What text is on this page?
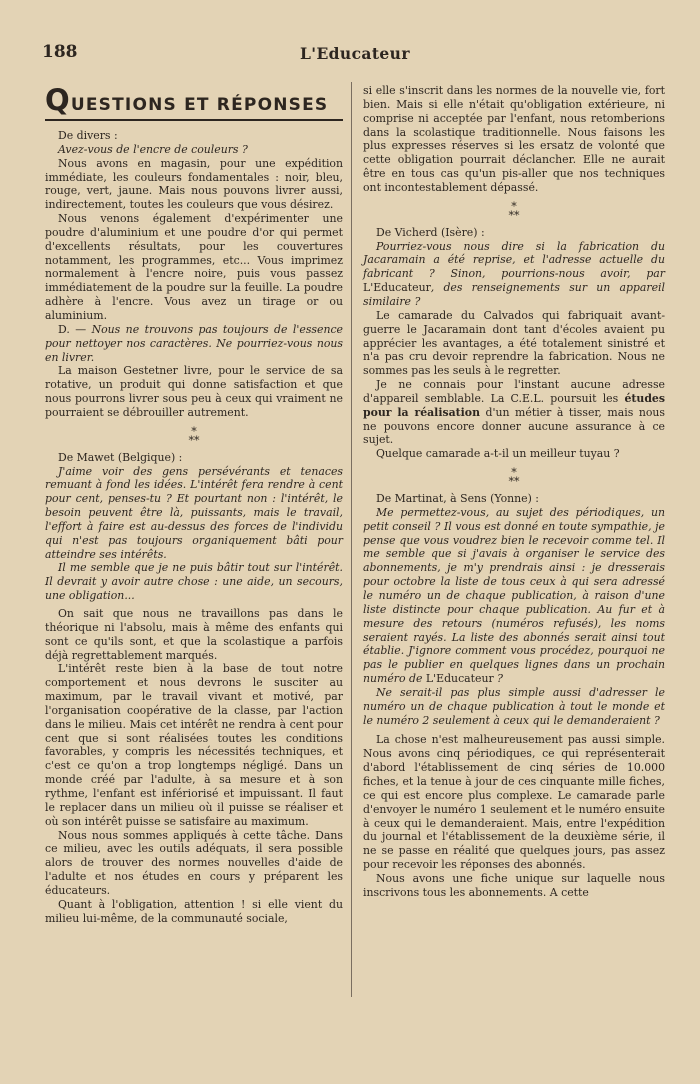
188	L'Educateur
QUESTIONS ET RÉPONSES

De divers :

Avez-vous de l'encre de couleurs ?

Nous avons en magasin, pour une expédition immédiate, les couleurs fondamentales : noir, bleu, rouge, vert, jaune. Mais nous pouvons livrer aussi, indirectement, toutes les couleurs que vous désirez.

Nous venons également d'expérimenter une poudre d'aluminium et une poudre d'or qui permet d'excellents résultats, pour les couvertures notamment, les programmes, etc... Vous imprimez normalement à l'encre noire, puis vous passez immédiatement de la poudre sur la feuille. La poudre adhère à l'encre. Vous avez un tirage or ou aluminium.

D. — Nous ne trouvons pas toujours de l'essence pour nettoyer nos caractères. Ne pourriez-vous nous en livrer.

La maison Gestetner livre, pour le service de sa rotative, un produit qui donne satisfaction et que nous pourrons livrer sous peu à ceux qui vraiment ne pourraient se débrouiller autrement.

*
**

De Mawet (Belgique) :

J'aime voir des gens persévérants et tenaces remuant à fond les idées. L'intérêt fera rendre à cent pour cent, penses-tu ? Et pourtant non : l'intérêt, le besoin peuvent être là, puissants, mais le travail, l'effort à faire est au-dessus des forces de l'individu qui n'est pas toujours organiquement bâti pour atteindre ses intérêts.

Il me semble que je ne puis bâtir tout sur l'intérêt. Il devrait y avoir autre chose : une aide, un secours, une obligation...

On sait que nous ne travaillons pas dans le théorique ni l'absolu, mais à même des enfants qui sont ce qu'ils sont, et que la scolastique a parfois déjà regrettablement marqués.

L'intérêt reste bien à la base de tout notre comportement et nous devrons le susciter au maximum, par le travail vivant et motivé, par l'organisation coopérative de la classe, par l'action dans le milieu. Mais cet intérêt ne rendra à cent pour cent que si sont réalisées toutes les conditions favorables, y compris les nécessités techniques, et c'est ce qu'on a trop longtemps négligé. Dans un monde créé par l'adulte, à sa mesure et à son rythme, l'enfant est infériorisé et impuissant. Il faut le replacer dans un milieu où il puisse se réaliser et où son intérêt puisse se satisfaire au maximum.

Nous nous sommes appliqués à cette tâche. Dans ce milieu, avec les outils adéquats, il sera possible alors de trouver des normes nouvelles d'aide de l'adulte et nos études en cours y préparent les éducateurs.

Quant à l'obligation, attention ! si elle vient du milieu lui-même, de la communauté sociale,

si elle s'inscrit dans les normes de la nouvelle vie, fort bien. Mais si elle n'était qu'obligation extérieure, ni comprise ni acceptée par l'enfant, nous retomberions dans la scolastique traditionnelle. Nous faisons les plus expresses réserves si les ersatz de volonté que cette obligation pourrait déclancher. Elle ne aurait être en tous cas qu'un pis-aller que nos techniques ont incontestablement dépassé.

*
**

De Vicherd (Isère) :

Pourriez-vous nous dire si la fabrication du Jacaramain a été reprise, et l'adresse actuelle du fabricant ? Sinon, pourrions-nous avoir, par L'Educateur, des renseignements sur un appareil similaire ?

Le camarade du Calvados qui fabriquait avant-guerre le Jacaramain dont tant d'écoles avaient pu apprécier les avantages, a été totalement sinistré et n'a pas cru devoir reprendre la fabrication. Nous ne sommes pas les seuls à le regretter.

Je ne connais pour l'instant aucune adresse d'appareil semblable. La C.E.L. poursuit les études pour la réalisation d'un métier à tisser, mais nous ne pouvons encore donner aucune assurance à ce sujet.

Quelque camarade a-t-il un meilleur tuyau ?

*
**

De Martinat, à Sens (Yonne) :

Me permettez-vous, au sujet des périodiques, un petit conseil ? Il vous est donné en toute sympathie, je pense que vous voudrez bien le recevoir comme tel. Il me semble que si j'avais à organiser le service des abonnements, je m'y prendrais ainsi : je dresserais pour octobre la liste de tous ceux à qui sera adressé le numéro un de chaque publication, à raison d'une liste distincte pour chaque publication. Au fur et à mesure des retours (numéros refusés), les noms seraient rayés. La liste des abonnés serait ainsi tout établie. J'ignore comment vous procédez, pourquoi ne pas le publier en quelques lignes dans un prochain numéro de L'Educateur ?

Ne serait-il pas plus simple aussi d'adresser le numéro un de chaque publication à tout le monde et le numéro 2 seulement à ceux qui le demanderaient ?

La chose n'est malheureusement pas aussi simple. Nous avons cinq périodiques, ce qui représenterait d'abord l'établissement de cinq séries de 10.000 fiches, et la tenue à jour de ces cinquante mille fiches, ce qui est encore plus complexe. Le camarade parle d'envoyer le numéro 1 seulement et le numéro ensuite à ceux qui le demanderaient. Mais, entre l'expédition du journal et l'établissement de la deuxième série, il ne se passe en réalité que quelques jours, pas assez pour recevoir les réponses des abonnés.

Nous avons une fiche unique sur laquelle nous inscrivons tous les abonnements. A cette
